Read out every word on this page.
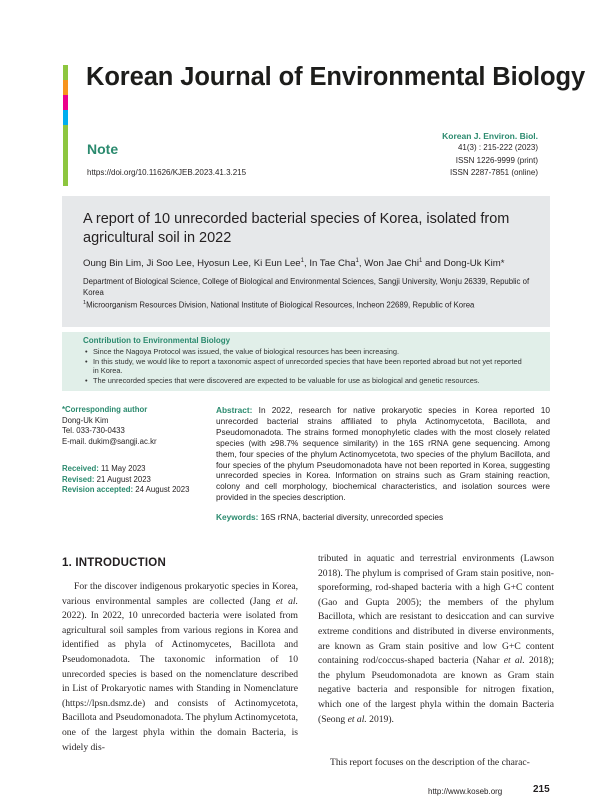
Korean Journal of Environmental Biology
Note
https://doi.org/10.11626/KJEB.2023.41.3.215
Korean J. Environ. Biol.
41(3) : 215-222 (2023)
ISSN 1226-9999 (print)
ISSN 2287-7851 (online)
A report of 10 unrecorded bacterial species of Korea, isolated from agricultural soil in 2022
Oung Bin Lim, Ji Soo Lee, Hyosun Lee, Ki Eun Lee$^1$, In Tae Cha$^1$, Won Jae Chi$^1$ and Dong-Uk Kim*
Department of Biological Science, College of Biological and Environmental Sciences, Sangji University, Wonju 26339, Republic of Korea
$^1$Microorganism Resources Division, National Institute of Biological Resources, Incheon 22689, Republic of Korea
Contribution to Environmental Biology
• Since the Nagoya Protocol was issued, the value of biological resources has been increasing.
• In this study, we would like to report a taxonomic aspect of unrecorded species that have been reported abroad but not yet reported in Korea.
• The unrecorded species that were discovered are expected to be valuable for use as biological and genetic resources.
*Corresponding author
Dong-Uk Kim
Tel. 033-730-0433
E-mail. dukim@sangji.ac.kr
Received: 11 May 2023
Revised: 21 August 2023
Revision accepted: 24 August 2023
Abstract: In 2022, research for native prokaryotic species in Korea reported 10 unrecorded bacterial strains affiliated to phyla Actinomycetota, Bacillota, and Pseudomonadota. The strains formed monophyletic clades with the most closely related species (with ≥98.7% sequence similarity) in the 16S rRNA gene sequencing. Among them, four species of the phylum Actinomycetota, two species of the phylum Bacillota, and four species of the phylum Pseudomonadota have not been reported in Korea, suggesting unrecorded species in Korea. Information on strains such as Gram staining reaction, colony and cell morphology, biochemical characteristics, and isolation sources were provided in the species description.
Keywords: 16S rRNA, bacterial diversity, unrecorded species
1. INTRODUCTION

For the discover indigenous prokaryotic species in Korea, various environmental samples are collected (Jang et al. 2022). In 2022, 10 unrecorded bacteria were isolated from agricultural soil samples from various regions in Korea and identified as phyla of Actinomycetes, Bacillota and Pseudomonadota. The taxonomic information of 10 unrecorded species is based on the nomenclature described in List of Prokaryotic names with Standing in Nomenclature (https://lpsn.dsmz.de) and consists of Actinomycetota, Bacillota and Pseudomonadota. The phylum Actinomycetota, one of the largest phyla within the domain Bacteria, is widely dis-

tributed in aquatic and terrestrial environments (Lawson 2018). The phylum is comprised of Gram stain positive, non-sporeforming, rod-shaped bacteria with a high G+C content (Gao and Gupta 2005); the members of the phylum Bacillota, which are resistant to desiccation and can survive extreme conditions and distributed in diverse environments, are known as Gram stain positive and low G+C content containing rod/coccus-shaped bacteria (Nahar et al. 2018); the phylum Pseudomonadota are known as Gram stain negative bacteria and responsible for nitrogen fixation, which one of the largest phyla within the domain Bacteria (Seong et al. 2019).

This report focuses on the description of the charac-

http://www.koseb.org	215
